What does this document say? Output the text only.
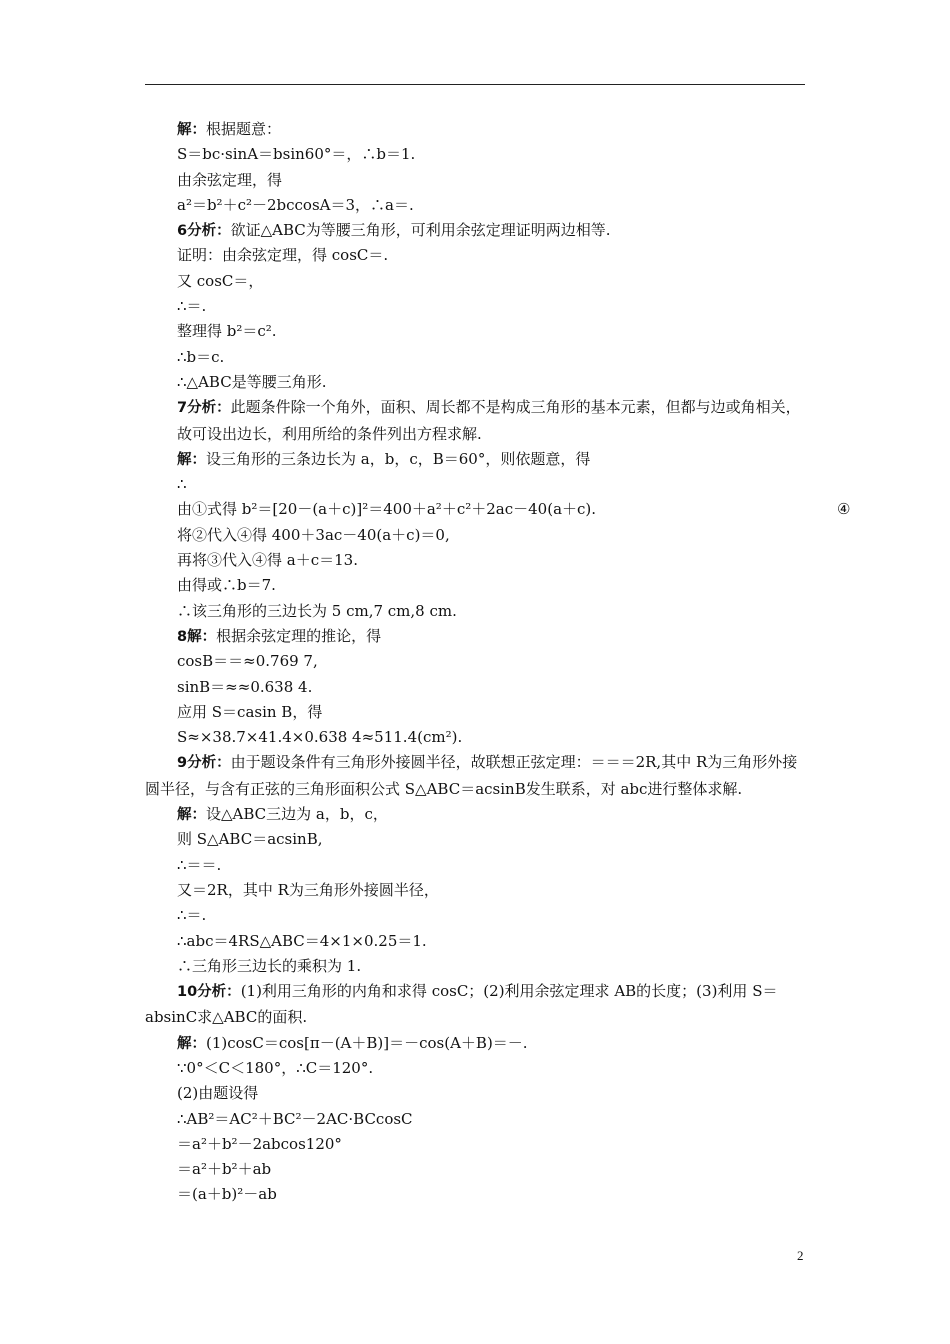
解：根据题意：
S＝bc·sinA＝bsin60°＝，∴b＝1.
由余弦定理，得
a²＝b²＋c²－2bccosA＝3，∴a＝.
6分析：欲证△ABC为等腰三角形，可利用余弦定理证明两边相等.
证明：由余弦定理，得 cosC＝.
又 cosC＝，
∴＝.
整理得 b²＝c².
∴b＝c.
∴△ABC是等腰三角形.
7分析：此题条件除一个角外，面积、周长都不是构成三角形的基本元素，但都与边或角相关，故可设出边长，利用所给的条件列出方程求解.
解：设三角形的三条边长为 a，b，c，B＝60°，则依题意，得
∴
由①式得 b²＝[20－(a＋c)]²＝400＋a²＋c²＋2ac－40(a＋c).	④
将②代入④得 400＋3ac－40(a＋c)＝0,
再将③代入④得 a＋c＝13.
由得或∴b＝7.
∴该三角形的三边长为 5 cm,7 cm,8 cm.
8解：根据余弦定理的推论，得
cosB＝＝≈0.769 7,
sinB＝≈≈0.638 4.
应用 S＝casin B，得
S≈×38.7×41.4×0.638 4≈511.4(cm²).
9分析：由于题设条件有三角形外接圆半径，故联想正弦定理：＝＝＝2R,其中 R为三角形外接圆半径，与含有正弦的三角形面积公式 S△ABC＝acsinB发生联系，对 abc进行整体求解.
解：设△ABC三边为 a，b，c，
则 S△ABC＝acsinB,
∴＝＝.
又＝2R，其中 R为三角形外接圆半径，
∴＝.
∴abc＝4RS△ABC＝4×1×0.25＝1.
∴三角形三边长的乘积为 1.
10分析：(1)利用三角形的内角和求得 cosC；(2)利用余弦定理求 AB的长度；(3)利用 S＝absinC求△ABC的面积.
解：(1)cosC＝cos[π－(A＋B)]＝－cos(A＋B)＝－.
∵0°＜C＜180°，∴C＝120°.
(2)由题设得
∴AB²＝AC²＋BC²－2AC·BCcosC
＝a²＋b²－2abcos120°
＝a²＋b²＋ab
＝(a＋b)²－ab
2
